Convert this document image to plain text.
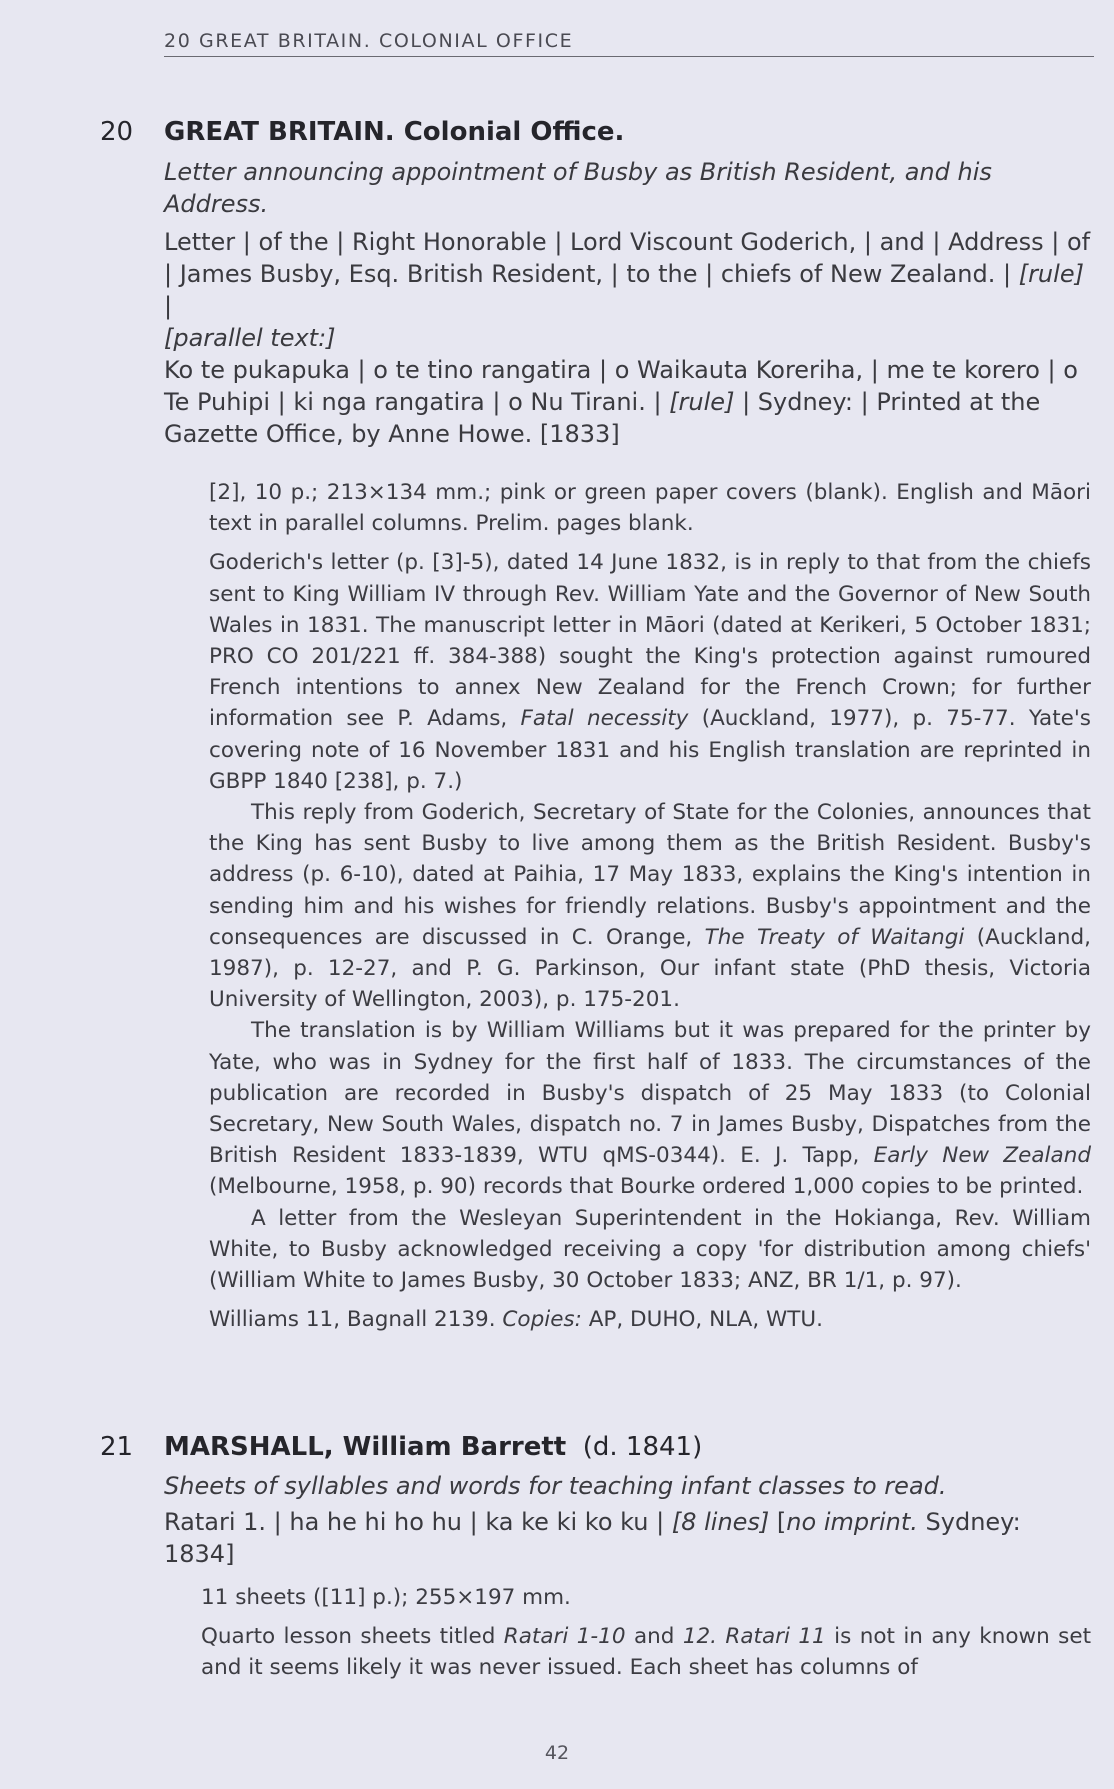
20 GREAT BRITAIN. COLONIAL OFFICE
20 GREAT BRITAIN. Colonial Office.
Letter announcing appointment of Busby as British Resident, and his Address.
Letter | of the | Right Honorable | Lord Viscount Goderich, | and | Address | of | James Busby, Esq. British Resident, | to the | chiefs of New Zealand. | [rule] |
[parallel text:]
Ko te pukapuka | o te tino rangatira | o Waikauta Koreriha, | me te korero | o Te Puhipi | ki nga rangatira | o Nu Tirani. | [rule] | Sydney: | Printed at the Gazette Office, by Anne Howe. [1833]

[2], 10 p.; 213×134 mm.; pink or green paper covers (blank). English and Māori text in parallel columns. Prelim. pages blank.

Goderich's letter (p. [3]-5), dated 14 June 1832, is in reply to that from the chiefs sent to King William IV through Rev. William Yate and the Governor of New South Wales in 1831. The manuscript letter in Māori (dated at Kerikeri, 5 October 1831; PRO CO 201/221 ff. 384-388) sought the King's protection against rumoured French intentions to annex New Zealand for the French Crown; for further information see P. Adams, Fatal necessity (Auckland, 1977), p. 75-77. Yate's covering note of 16 November 1831 and his English translation are reprinted in GBPP 1840 [238], p. 7.)

This reply from Goderich, Secretary of State for the Colonies, announces that the King has sent Busby to live among them as the British Resident. Busby's address (p. 6-10), dated at Paihia, 17 May 1833, explains the King's intention in sending him and his wishes for friendly relations. Busby's appointment and the consequences are discussed in C. Orange, The Treaty of Waitangi (Auckland, 1987), p. 12-27, and P. G. Parkinson, Our infant state (PhD thesis, Victoria University of Wellington, 2003), p. 175-201.

The translation is by William Williams but it was prepared for the printer by Yate, who was in Sydney for the first half of 1833. The circumstances of the publication are recorded in Busby's dispatch of 25 May 1833 (to Colonial Secretary, New South Wales, dispatch no. 7 in James Busby, Dispatches from the British Resident 1833-1839, WTU qMS-0344). E. J. Tapp, Early New Zealand (Melbourne, 1958, p. 90) records that Bourke ordered 1,000 copies to be printed.

A letter from the Wesleyan Superintendent in the Hokianga, Rev. William White, to Busby acknowledged receiving a copy 'for distribution among chiefs' (William White to James Busby, 30 October 1833; ANZ, BR 1/1, p. 97).

Williams 11, Bagnall 2139. Copies: AP, DUHO, NLA, WTU.

21 MARSHALL, William Barrett (d. 1841)
Sheets of syllables and words for teaching infant classes to read.
Ratari 1. | ha he hi ho hu | ka ke ki ko ku | [8 lines] [no imprint. Sydney: 1834]

11 sheets ([11] p.); 255×197 mm.

Quarto lesson sheets titled Ratari 1-10 and 12. Ratari 11 is not in any known set and it seems likely it was never issued. Each sheet has columns of

42
